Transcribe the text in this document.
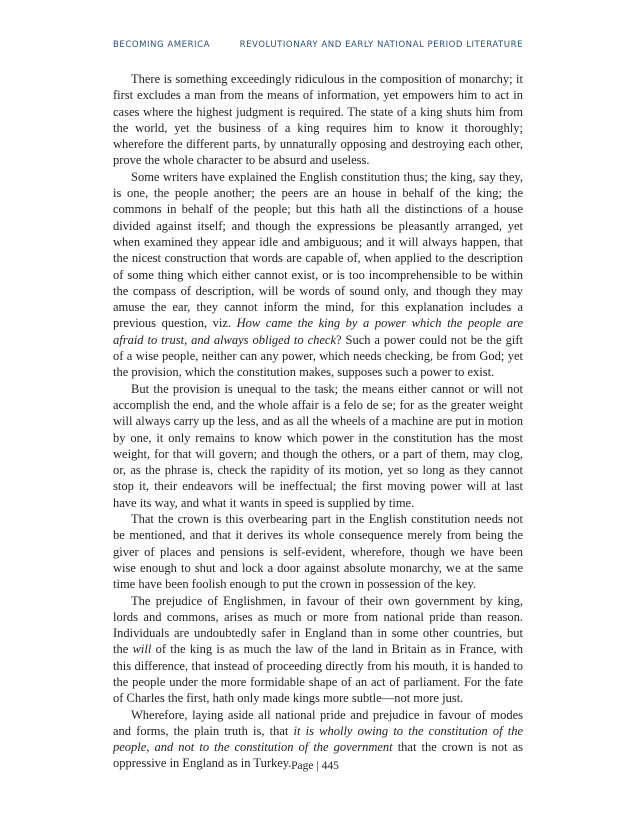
BECOMING AMERICA	REVOLUTIONARY AND EARLY NATIONAL PERIOD LITERATURE

There is something exceedingly ridiculous in the composition of monarchy; it first excludes a man from the means of information, yet empowers him to act in cases where the highest judgment is required. The state of a king shuts him from the world, yet the business of a king requires him to know it thoroughly; wherefore the different parts, by unnaturally opposing and destroying each other, prove the whole character to be absurd and useless.

Some writers have explained the English constitution thus; the king, say they, is one, the people another; the peers are an house in behalf of the king; the commons in behalf of the people; but this hath all the distinctions of a house divided against itself; and though the expressions be pleasantly arranged, yet when examined they appear idle and ambiguous; and it will always happen, that the nicest construction that words are capable of, when applied to the description of some thing which either cannot exist, or is too incomprehensible to be within the compass of description, will be words of sound only, and though they may amuse the ear, they cannot inform the mind, for this explanation includes a previous question, viz. How came the king by a power which the people are afraid to trust, and always obliged to check? Such a power could not be the gift of a wise people, neither can any power, which needs checking, be from God; yet the provision, which the constitution makes, supposes such a power to exist.

But the provision is unequal to the task; the means either cannot or will not accomplish the end, and the whole affair is a felo de se; for as the greater weight will always carry up the less, and as all the wheels of a machine are put in motion by one, it only remains to know which power in the constitution has the most weight, for that will govern; and though the others, or a part of them, may clog, or, as the phrase is, check the rapidity of its motion, yet so long as they cannot stop it, their endeavors will be ineffectual; the first moving power will at last have its way, and what it wants in speed is supplied by time.

That the crown is this overbearing part in the English constitution needs not be mentioned, and that it derives its whole consequence merely from being the giver of places and pensions is self-evident, wherefore, though we have been wise enough to shut and lock a door against absolute monarchy, we at the same time have been foolish enough to put the crown in possession of the key.

The prejudice of Englishmen, in favour of their own government by king, lords and commons, arises as much or more from national pride than reason. Individuals are undoubtedly safer in England than in some other countries, but the will of the king is as much the law of the land in Britain as in France, with this difference, that instead of proceeding directly from his mouth, it is handed to the people under the more formidable shape of an act of parliament. For the fate of Charles the first, hath only made kings more subtle—not more just.

Wherefore, laying aside all national pride and prejudice in favour of modes and forms, the plain truth is, that it is wholly owing to the constitution of the people, and not to the constitution of the government that the crown is not as oppressive in England as in Turkey. Page | 445
